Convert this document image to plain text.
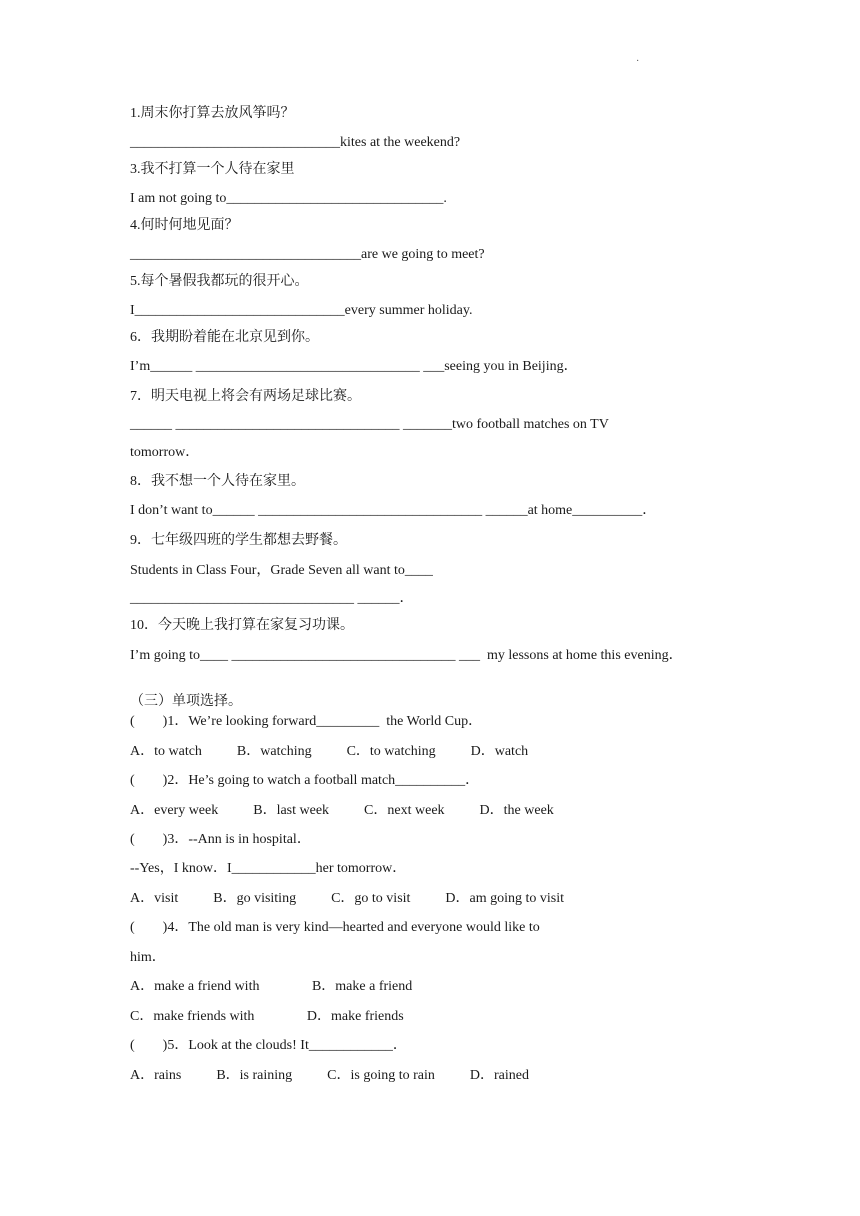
·
1.周末你打算去放风筝吗？
______________________________kites at the weekend?
3.我不打算一个人待在家里
I am not going to_______________________________.
4.何时何地见面？
_________________________________are we going to meet?
5.每个暑假我都玩的很开心。
I______________________________every summer holiday.
6．我期盼着能在北京见到你。
I’m______ ________________________________ ___seeing you in Beijing．
7．明天电视上将会有两场足球比赛。
______ ________________________________ _______two football matches on TV
tomorrow．
8．我不想一个人待在家里。
I don’t want to______ ________________________________ ______at home__________．
9．七年级四班的学生都想去野餐。
Students in Class Four，Grade Seven all want to____
________________________________ ______．
10．今天晚上我打算在家复习功课。
I’m going to____ ________________________________ ___  my lessons at home this evening．
（三）单项选择。
(        )1．We’re looking forward_________  the World Cup．
A．to watch          B．watching          C．to watching          D．watch
(        )2．He’s going to watch a football match__________．
A．every week          B．last week          C．next week          D．the week
(        )3．--Ann is in hospital．
--Yes，I know．I____________her tomorrow．
A．visit          B．go visiting          C．go to visit          D．am going to visit
(        )4．The old man is very kind—hearted and everyone would like to
him．
A．make a friend with               B．make a friend
C．make friends with               D．make friends
(        )5．Look at the clouds! It____________．
A．rains          B．is raining          C．is going to rain          D．rained
